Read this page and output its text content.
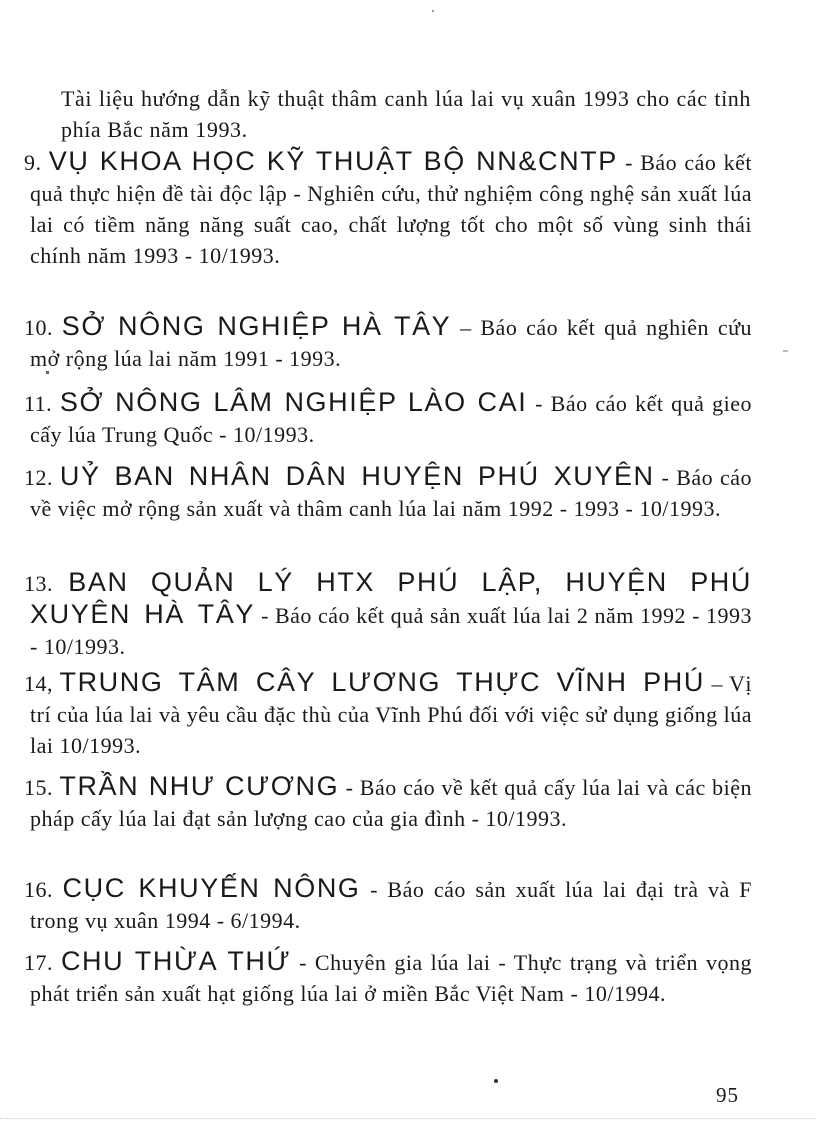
Tài liệu hướng dẫn kỹ thuật thâm canh lúa lai vụ xuân 1993 cho các tỉnh phía Bắc năm 1993.

9. VỤ KHOA HỌC KỸ THUẬT BỘ NN&CNTP - Báo cáo kết quả thực hiện đề tài độc lập - Nghiên cứu, thử nghiệm công nghệ sản xuất lúa lai có tiềm năng năng suất cao, chất lượng tốt cho một số vùng sinh thái chính năm 1993 - 10/1993.
10. SỞ NÔNG NGHIỆP HÀ TÂY – Báo cáo kết quả nghiên cứu mở rộng lúa lai năm 1991 - 1993.
11. SỞ NÔNG LÂM NGHIỆP LÀO CAI - Báo cáo kết quả gieo cấy lúa Trung Quốc - 10/1993.
12. UỶ BAN NHÂN DÂN HUYỆN PHÚ XUYÊN - Báo cáo về việc mở rộng sản xuất và thâm canh lúa lai năm 1992 - 1993 - 10/1993.
13. BAN QUẢN LÝ HTX PHÚ LẬP, HUYỆN PHÚ XUYÊN HÀ TÂY - Báo cáo kết quả sản xuất lúa lai 2 năm 1992 - 1993 - 10/1993.
14, TRUNG TÂM CÂY LƯƠNG THỰC VĨNH PHÚ – Vị trí của lúa lai và yêu cầu đặc thù của Vĩnh Phú đối với việc sử dụng giống lúa lai 10/1993.
15. TRẦN NHƯ CƯƠNG - Báo cáo về kết quả cấy lúa lai và các biện pháp cấy lúa lai đạt sản lượng cao của gia đình - 10/1993.
16. CỤC KHUYẾN NÔNG - Báo cáo sản xuất lúa lai đại trà và F trong vụ xuân 1994 - 6/1994.
17. CHU THỪA THỨ - Chuyên gia lúa lai - Thực trạng và triển vọng phát triển sản xuất hạt giống lúa lai ở miền Bắc Việt Nam - 10/1994.
95
